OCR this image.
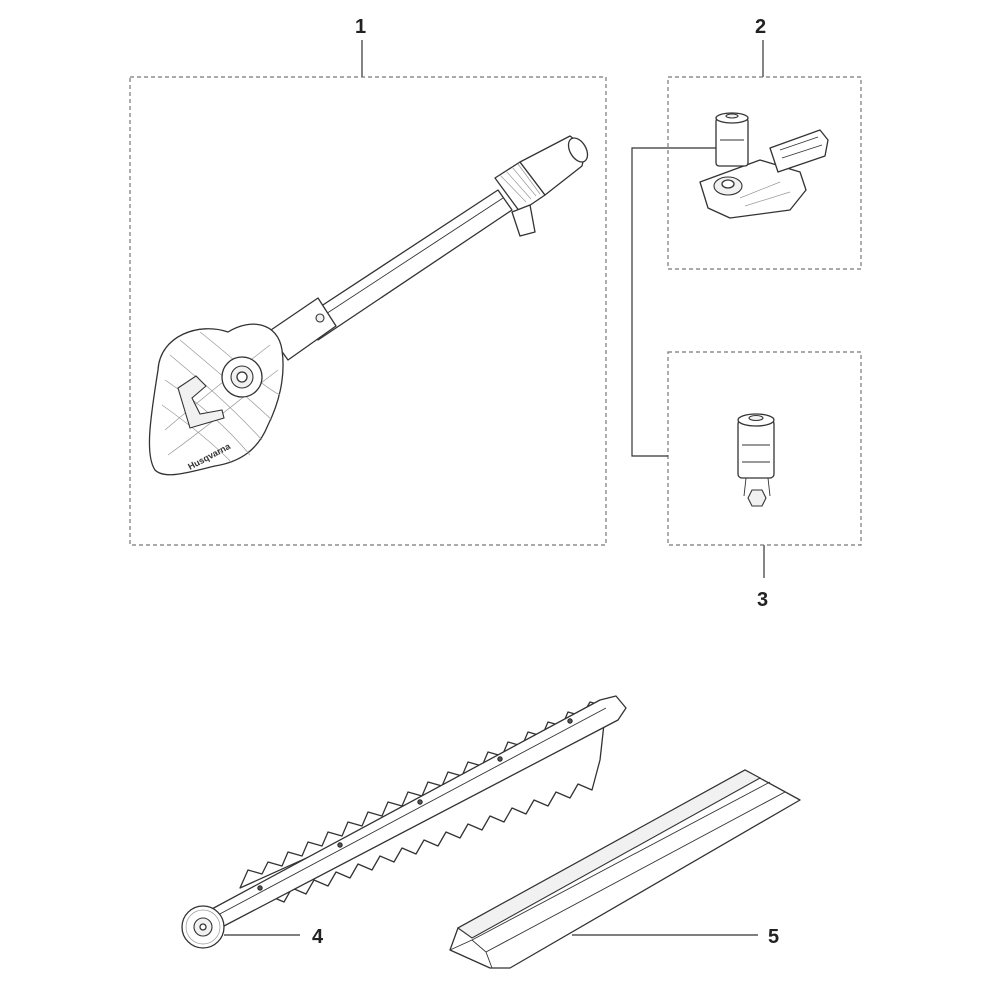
1
Husqvarna
2
3
4	5
